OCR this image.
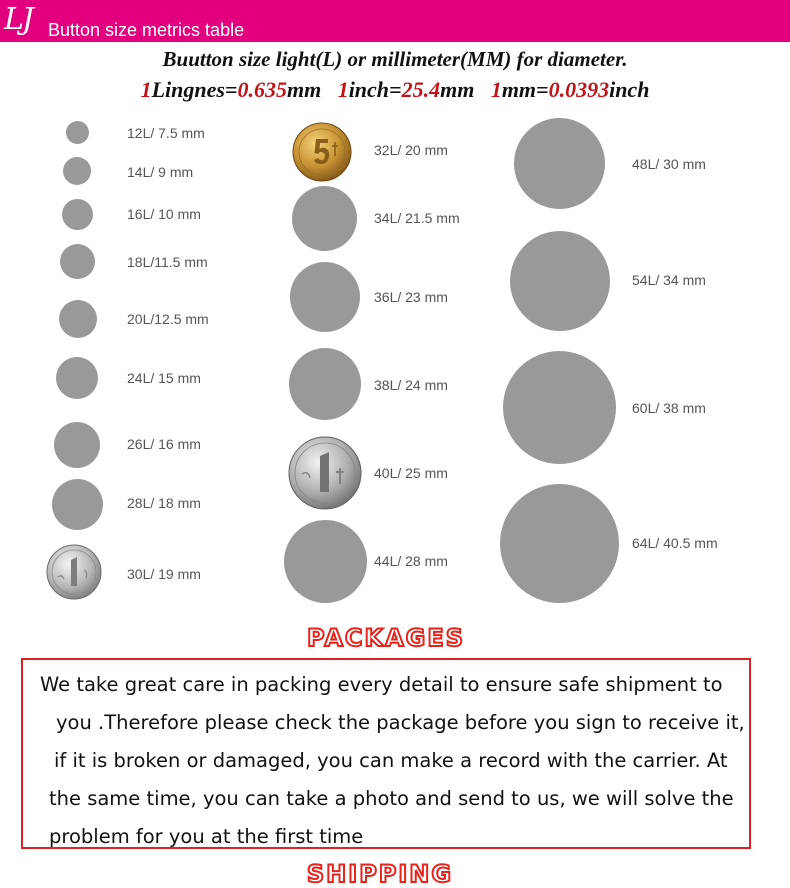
LJ Button size metrics table
Buutton size light(L) or millimeter(MM) for diameter.
1Lingnes=0.635mm 1inch=25.4mm 1mm=0.0393inch
12L/ 7.5 mm
14L/ 9 mm
16L/ 10 mm
18L/11.5 mm
20L/12.5 mm
24L/ 15 mm
26L/ 16 mm
28L/ 18 mm
30L/ 19 mm
32L/ 20 mm
34L/ 21.5 mm
36L/ 23 mm
38L/ 24 mm
40L/ 25 mm
44L/ 28 mm
48L/ 30 mm
54L/ 34 mm
60L/ 38 mm
64L/ 40.5 mm
PACKAGES
We take great care in packing every detail to ensure safe shipment to
you .Therefore please check the package before you sign to receive it,
if it is broken or damaged, you can make a record with the carrier. At
the same time, you can take a photo and send to us, we will solve the
problem for you at the first time
SHIPPING
